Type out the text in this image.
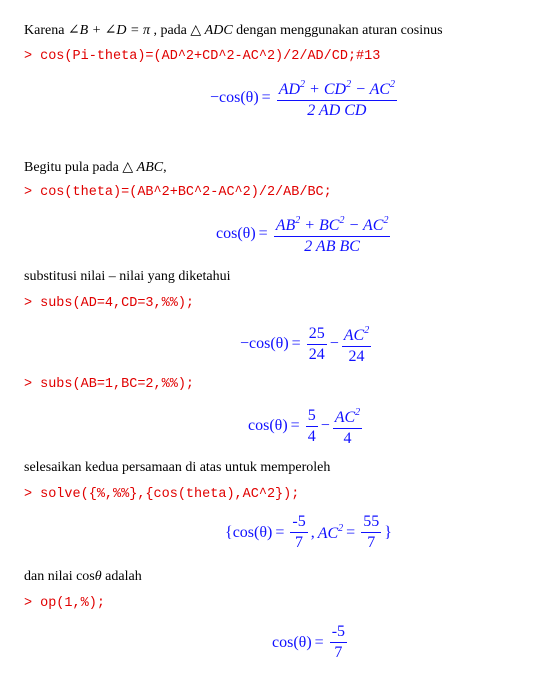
Karena ∠B + ∠D = π , pada △ ADC dengan menggunakan aturan cosinus
> cos(Pi-theta)=(AD^2+CD^2-AC^2)/2/AD/CD;#13
$-\cos(\theta) = \frac{AD^2 + CD^2 - AC^2}{\text{2 AD CD}}$
Begitu pula pada △ ABC,
> cos(theta)=(AB^2+BC^2-AC^2)/2/AB/BC;
$\cos(\theta) = \frac{AB^2 + BC^2 - AC^2}{\text{2 AB BC}}$
substitusi nilai – nilai yang diketahui
> subs(AD=4,CD=3,%%);
$-\cos(\theta) = \frac{25}{24} - \frac{AC^2}{24}$
> subs(AB=1,BC=2,%%);
$\cos(\theta) = \frac{5}{4} - \frac{AC^2}{4}$
selesaikan kedua persamaan di atas untuk memperoleh
> solve({%,%%},{cos(theta),AC^2});
{ $\cos(\theta) = \frac{-5}{7}$ , $AC^2 = \frac{55}{7}$ }
dan nilai cosθ adalah
> op(1,%);
$\cos(\theta) = \frac{-5}{7}$
